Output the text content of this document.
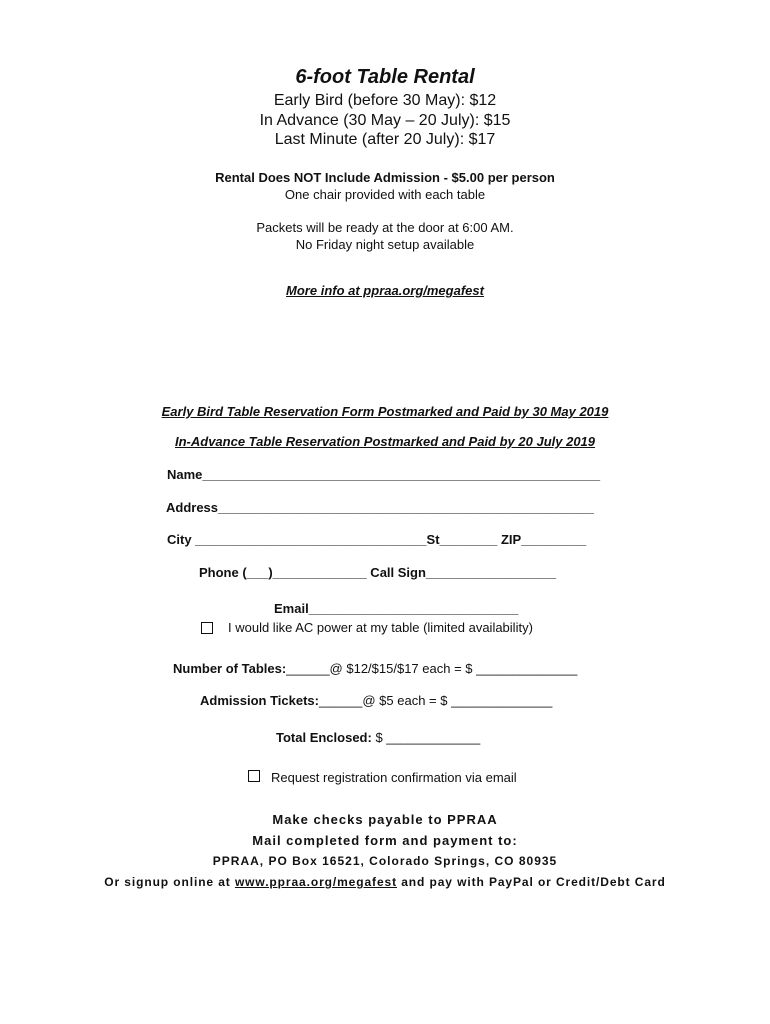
6-foot Table Rental
Early Bird (before 30 May): $12
In Advance (30 May – 20 July): $15
Last Minute (after 20 July): $17
Rental Does NOT Include Admission - $5.00 per person
One chair provided with each table
Packets will be ready at the door at 6:00 AM.
No Friday night setup available
More info at ppraa.org/megafest
Early Bird Table Reservation Form Postmarked and Paid by 30 May 2019
In-Advance Table Reservation Postmarked and Paid by 20 July 2019
Name_______________________________________________________
Address____________________________________________________
City ________________________________St________ ZIP_________
Phone (___)_____________ Call Sign__________________
Email_____________________________
I would like AC power at my table (limited availability)
Number of Tables:______@ $12/$15/$17 each = $ ______________
Admission Tickets:______@ $5 each = $ ______________
Total Enclosed: $ _____________
Request registration confirmation via email
Make checks payable to PPRAA
Mail completed form and payment to:
PPRAA, PO Box 16521, Colorado Springs, CO 80935
Or signup online at www.ppraa.org/megafest and pay with PayPal or Credit/Debt Card
